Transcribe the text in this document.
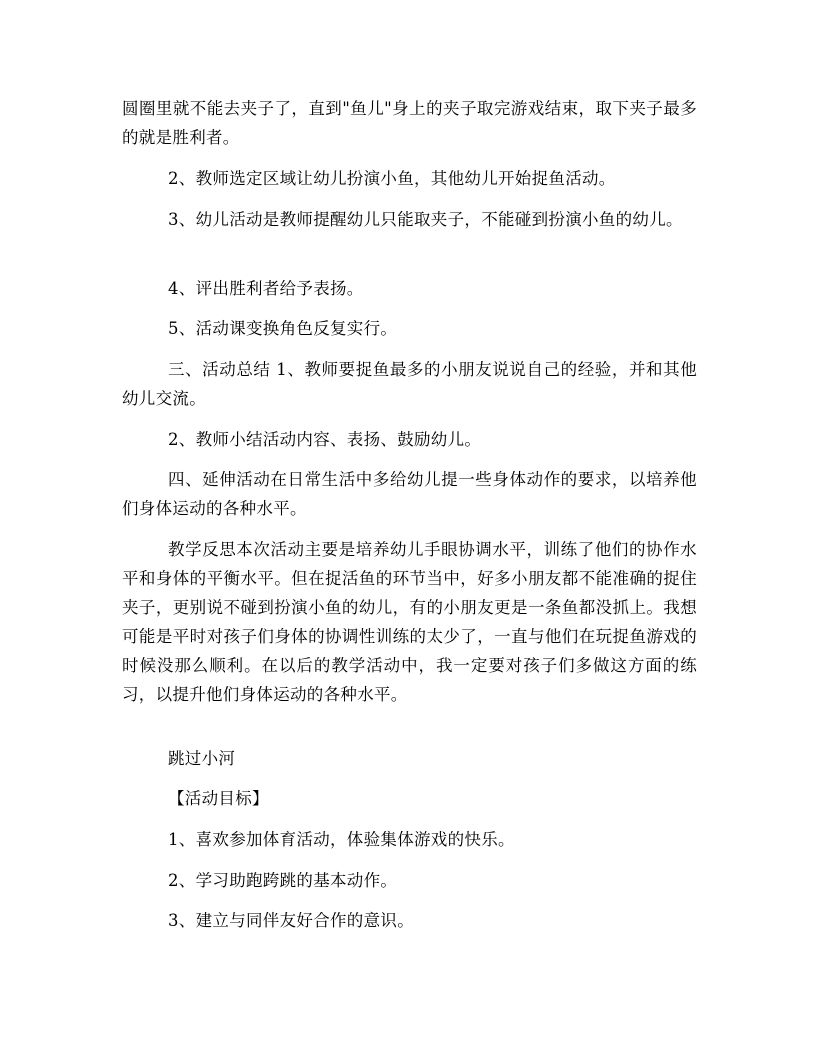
圆圈里就不能去夹子了，直到"鱼儿"身上的夹子取完游戏结束，取下夹子最多的就是胜利者。

2、教师选定区域让幼儿扮演小鱼，其他幼儿开始捉鱼活动。

3、幼儿活动是教师提醒幼儿只能取夹子，不能碰到扮演小鱼的幼儿。

4、评出胜利者给予表扬。

5、活动课变换角色反复实行。

三、活动总结 1、教师要捉鱼最多的小朋友说说自己的经验，并和其他幼儿交流。

2、教师小结活动内容、表扬、鼓励幼儿。

四、延伸活动在日常生活中多给幼儿提一些身体动作的要求，以培养他们身体运动的各种水平。

教学反思本次活动主要是培养幼儿手眼协调水平，训练了他们的协作水平和身体的平衡水平。但在捉活鱼的环节当中，好多小朋友都不能准确的捉住夹子，更别说不碰到扮演小鱼的幼儿，有的小朋友更是一条鱼都没抓上。我想可能是平时对孩子们身体的协调性训练的太少了，一直与他们在玩捉鱼游戏的时候没那么顺利。在以后的教学活动中，我一定要对孩子们多做这方面的练习，以提升他们身体运动的各种水平。

跳过小河

【活动目标】

1、喜欢参加体育活动，体验集体游戏的快乐。

2、学习助跑跨跳的基本动作。

3、建立与同伴友好合作的意识。
